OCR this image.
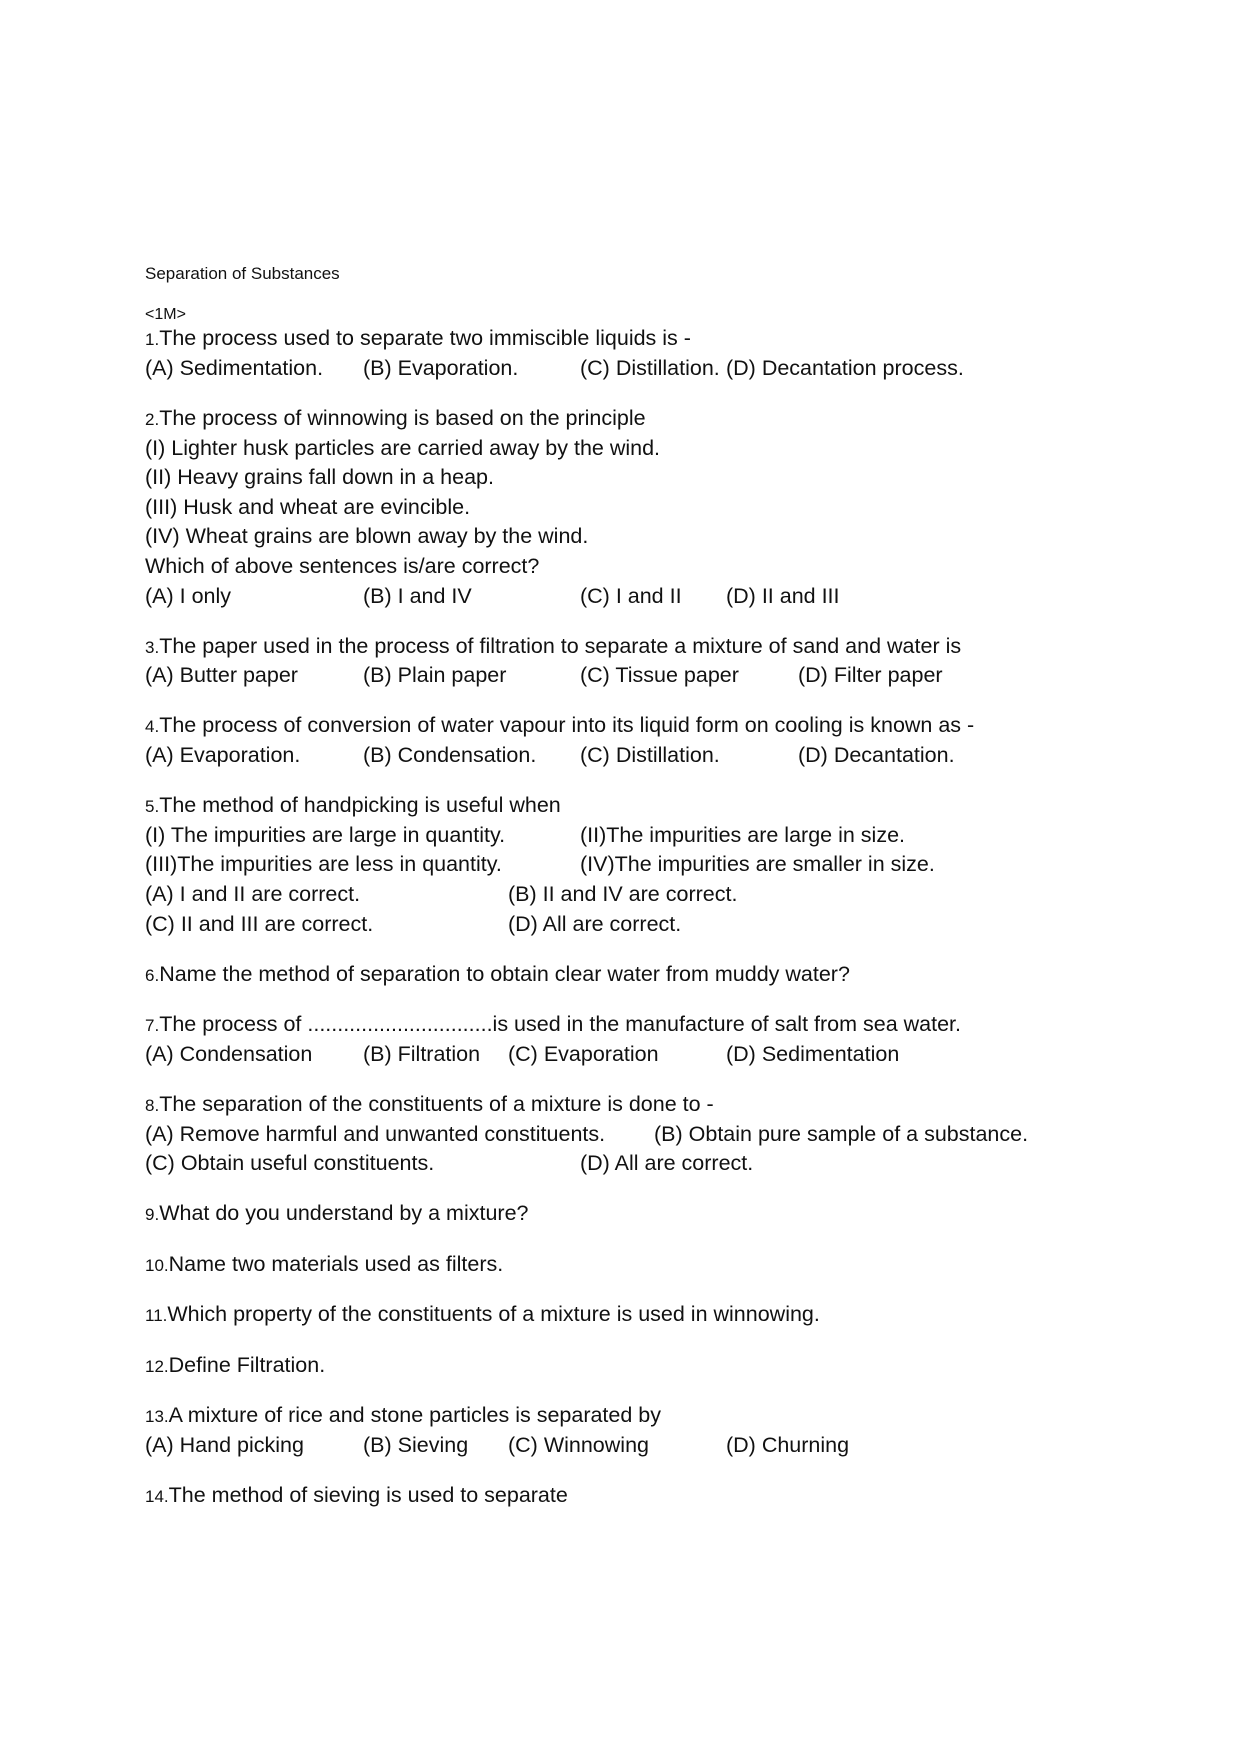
Separation of Substances
<1M>
1.The process used to separate two immiscible liquids is -
(A) Sedimentation. (B) Evaporation.	(C) Distillation. (D) Decantation process.
2.The process of winnowing is based on the principle
(I) Lighter husk particles are carried away by the wind.
(II) Heavy grains fall down in a heap.
(III) Husk and wheat are evincible.
(IV) Wheat grains are blown away by the wind.
Which of above sentences is/are correct?
(A) I only	(B) I and IV	(C) I and II (D) II and III
3.The paper used in the process of filtration to separate a mixture of sand and water is
(A) Butter paper	(B) Plain paper	(C) Tissue paper	(D) Filter paper
4.The process of conversion of water vapour into its liquid form on cooling is known as -
(A) Evaporation.	(B) Condensation. (C) Distillation.	(D) Decantation.
5.The method of handpicking is useful when
(I) The impurities are large in quantity.	(II)The impurities are large in size.
(III)The impurities are less in quantity.	(IV)The impurities are smaller in size.
(A) I and II are correct.	(B) II and IV are correct.
(C) II and III are correct.	(D) All are correct.
6.Name the method of separation to obtain clear water from muddy water?
7.The process of ...............................is used in the manufacture of salt from sea water.
(A) Condensation (B) Filtration (C) Evaporation	(D) Sedimentation
8.The separation of the constituents of a mixture is done to -
(A) Remove harmful and unwanted constituents. (B) Obtain pure sample of a substance.
(C) Obtain useful constituents.	(D) All are correct.
9.What do you understand by a mixture?
10.Name two materials used as filters.
11.Which property of the constituents of a mixture is used in winnowing.
12.Define Filtration.
13.A mixture of rice and stone particles is separated by
(A) Hand picking	(B) Sieving (C) Winnowing	(D) Churning
14.The method of sieving is used to separate
